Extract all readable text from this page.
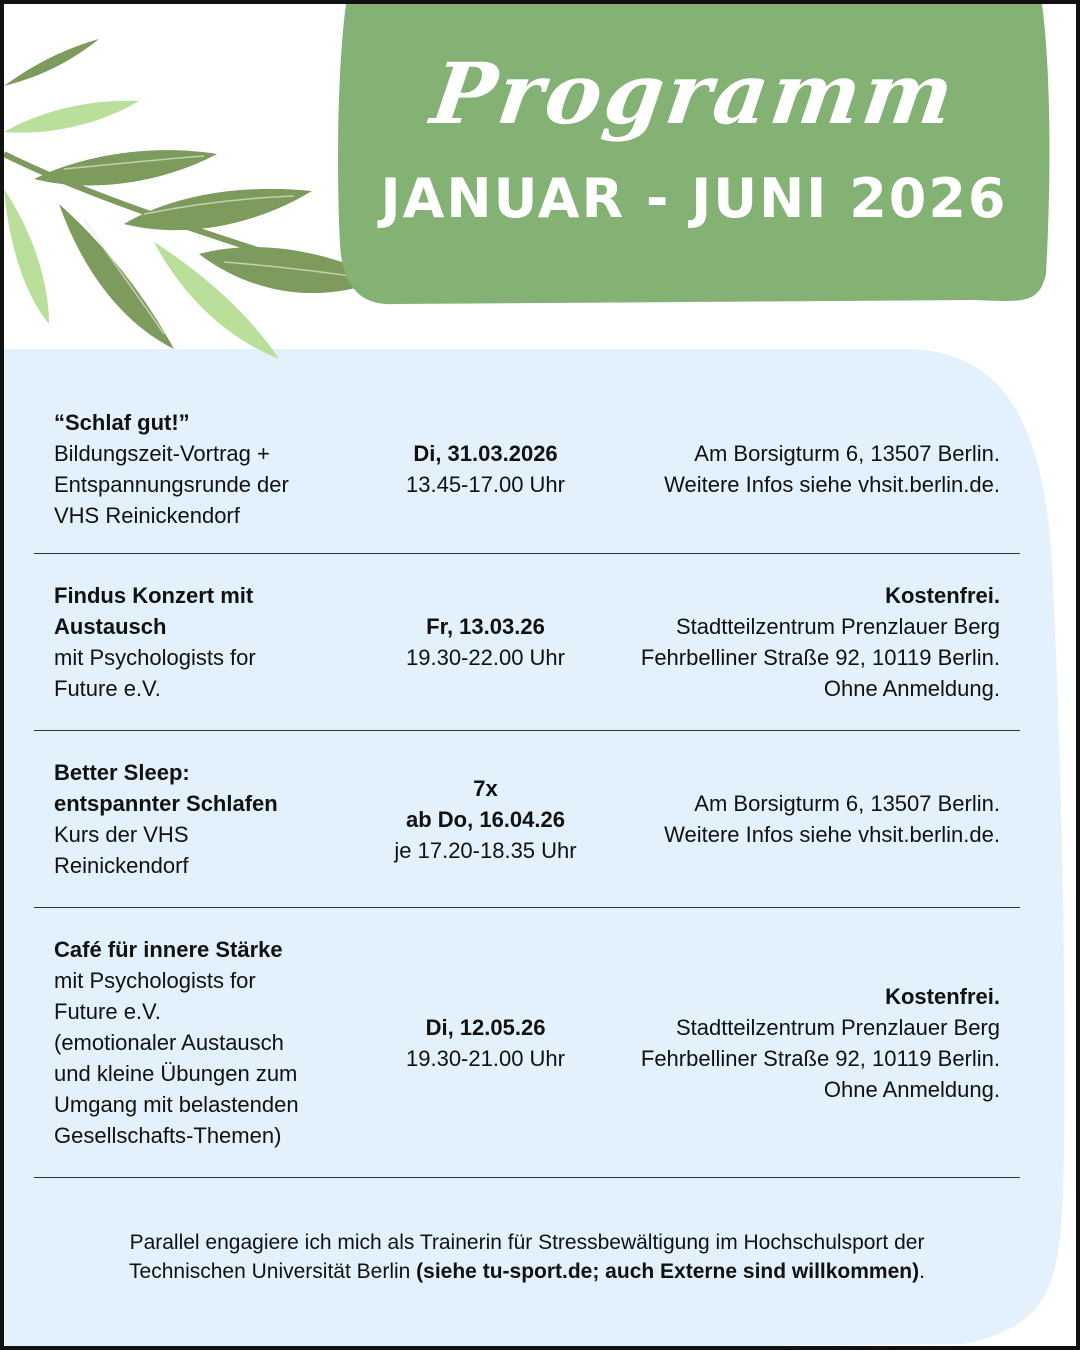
Programm
JANUAR - JUNI 2026
“Schlaf gut!”
Bildungszeit-Vortrag +
Entspannungsrunde der
VHS Reinickendorf
Di, 31.03.2026
13.45-17.00 Uhr
Am Borsigturm 6, 13507 Berlin.
Weitere Infos siehe vhsit.berlin.de.
Findus Konzert mit
Austausch
mit Psychologists for
Future e.V.
Fr, 13.03.26
19.30-22.00 Uhr
Kostenfrei.
Stadtteilzentrum Prenzlauer Berg
Fehrbelliner Straße 92, 10119 Berlin.
Ohne Anmeldung.
Better Sleep:
entspannter Schlafen
Kurs der VHS
Reinickendorf
7x
ab Do, 16.04.26
je 17.20-18.35 Uhr
Am Borsigturm 6, 13507 Berlin.
Weitere Infos siehe vhsit.berlin.de.
Café für innere Stärke
mit Psychologists for
Future e.V.
(emotionaler Austausch
und kleine Übungen zum
Umgang mit belastenden
Gesellschafts-Themen)
Di, 12.05.26
19.30-21.00 Uhr
Kostenfrei.
Stadtteilzentrum Prenzlauer Berg
Fehrbelliner Straße 92, 10119 Berlin.
Ohne Anmeldung.
Parallel engagiere ich mich als Trainerin für Stressbewältigung im Hochschulsport der
Technischen Universität Berlin (siehe tu-sport.de; auch Externe sind willkommen).
